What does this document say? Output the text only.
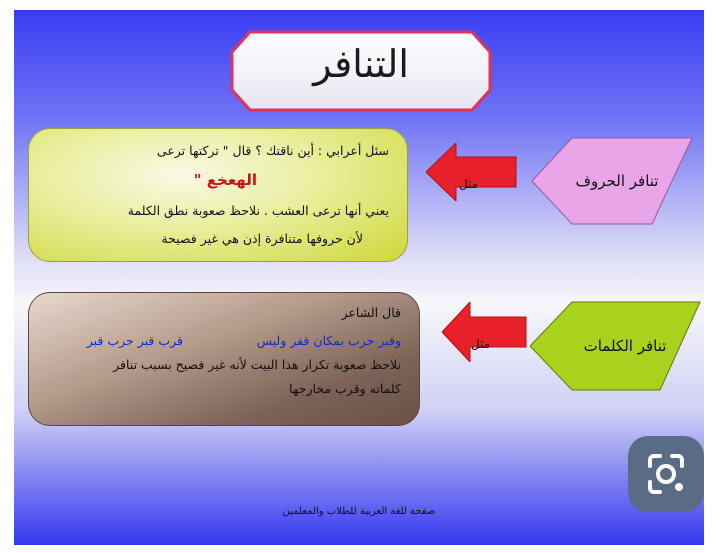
التنافر
سئل أعرابي : أين ناقتك ؟ قال " تركتها ترعى
الهعخع "
يعني أنها ترعى العشب . نلاحظ صعوبة نطق الكلمة
لأن حروفها متنافرة إذن هي غير فصيحة
مثل	تنافر الحروف
قال الشاعر
وقبر حرب بمكان قفر وليس
قرب قبر حرب قبر
نلاحظ صعوبة تكرار هذا البيت لأنه غير فصيح بسبب تنافر
كلماته وقرب مخارجها
مثل	تنافر الكلمات
صفحة للغة العربية للطلاب والمعلمين
